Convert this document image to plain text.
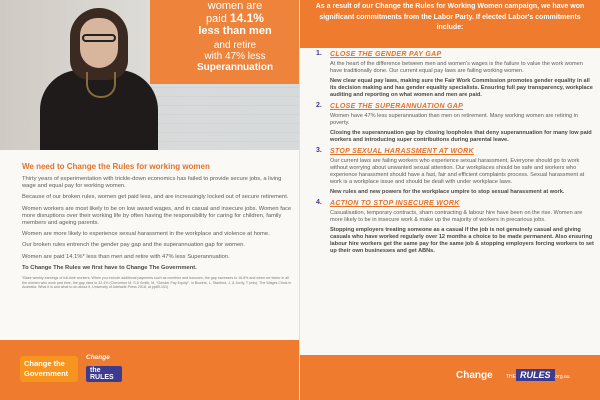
women are
paid 14.1%
less than men
and retire
with 47% less
Superannuation
We need to Change the Rules for working women

Thirty years of experimentation with trickle-down economics has failed to provide secure jobs, a living wage and equal pay for working women.

Because of our broken rules, women get paid less, and are increasingly locked out of secure retirement.

Women workers are most likely to be on low award wages, and in casual and insecure jobs. Women face more disruptions over their working life by often having the responsibility for caring for children, family members and ageing parents.

Women are more likely to experience sexual harassment in the workplace and violence at home.

Our broken rules entrench the gender pay gap and the superannuation gap for women.

Women are paid 14.1%* less than men and retire with 47% less Superannuation.

To Change The Rules we first have to Change The Government.

*Base weekly earnings of full-time workers. When you include additional payments such as overtime and bonuses, the gap increases to 16.8% and when we factor in all the women who work part time, the gap rises to 32.4% (Cheverton M, S & Smith, M, "Gender Pay Equity", in Bowers, L, Stanford, J, & Jordy, T (eds), The Wages Crisis in Australia: What it is and what to do about it, University of Adelaide Press 2018, at pp89-101)
Change the
Government
Change
the RULES
As a result of our Change the Rules for Working Women campaign, we have won significant commitments from the Labor Party. If elected Labor's commitments include:
1. CLOSE THE GENDER PAY GAP

At the heart of the difference between men and women's wages is the failure to value the work women have traditionally done. Our current equal pay laws are failing working women.

New clear equal pay laws, making sure the Fair Work Commission promotes gender equality in all its decision making and has gender equality specialists. Ensuring full pay transparency, workplace auditing and reporting on what women and men are paid.

2. CLOSE THE SUPERANNUATION GAP

Women have 47% less superannuation than men on retirement. Many working women are retiring in poverty.

Closing the superannuation gap by closing loopholes that deny superannuation for many low paid workers and introducing super contributions during parental leave.

3. STOP SEXUAL HARASSMENT AT WORK

Our current laws are failing workers who experience sexual harassment. Everyone should go to work without worrying about unwanted sexual attention. Our workplaces should be safe and workers who experience harassment should have a fast, fair and efficient complaints process. Sexual harassment at work is a workplace issue and should be dealt with under workplace laws.

New rules and new powers for the workplace umpire to stop sexual harassment at work.

4. ACTION TO STOP INSECURE WORK

Casualisation, temporary contracts, sham contracting & labour hire have been on the rise. Women are more likely to be in insecure work & make up the majority of workers in precarious jobs.

Stopping employers treating someone as a casual if the job is not genuinely casual and giving casuals who have worked regularly over 12 months a choice to be made permanent. Also ensuring labour hire workers get the same pay for the same job & stopping employers forcing workers to set up their own businesses and get ABNs.

Change	THE RULES .org.au
